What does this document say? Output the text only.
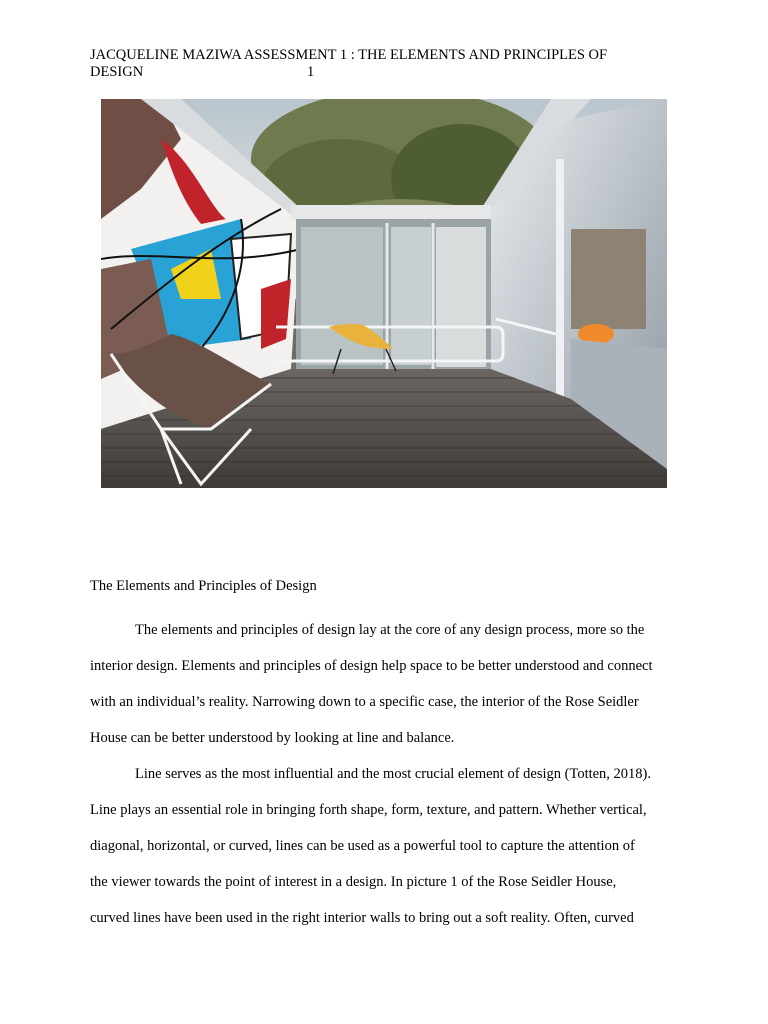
JACQUELINE MAZIWA ASSESSMENT 1 : THE ELEMENTS AND PRINCIPLES OF
DESIGN	1
The Elements and Principles of Design

The elements and principles of design lay at the core of any design process, more so the
interior design. Elements and principles of design help space to be better understood and connect
with an individual’s reality. Narrowing down to a specific case, the interior of the Rose Seidler
House can be better understood by looking at line and balance.

Line serves as the most influential and the most crucial element of design (Totten, 2018).
Line plays an essential role in bringing forth shape, form, texture, and pattern. Whether vertical,
diagonal, horizontal, or curved, lines can be used as a powerful tool to capture the attention of
the viewer towards the point of interest in a design. In picture 1 of the Rose Seidler House,
curved lines have been used in the right interior walls to bring out a soft reality. Often, curved
